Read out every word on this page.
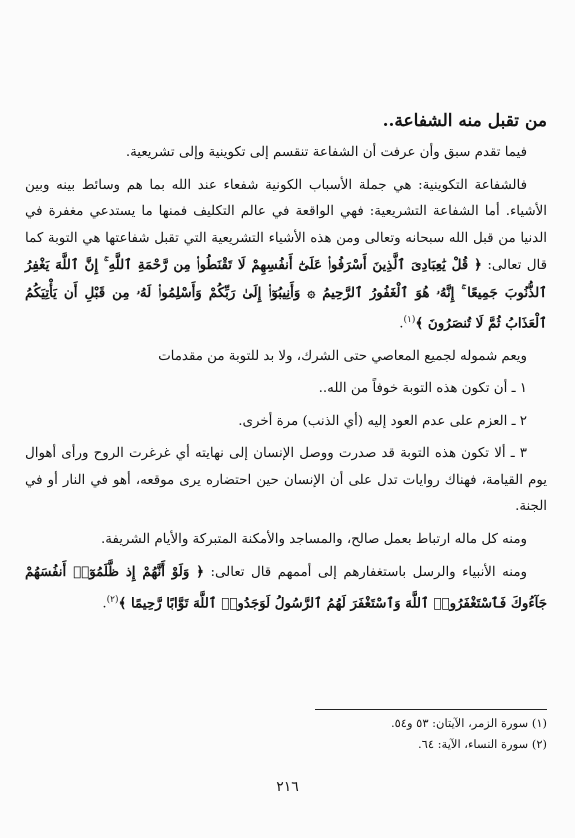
من تقبل منه الشفاعة..

فيما تقدم سبق وأن عرفت أن الشفاعة تنقسم إلى تكوينية وإلى تشريعية.

فالشفاعة التكوينية: هي جملة الأسباب الكونية شفعاء عند الله بما هم وسائط بينه وبين الأشياء. أما الشفاعة التشريعية: فهي الواقعة في عالم التكليف فمنها ما يستدعي مغفرة في الدنيا من قبل الله سبحانه وتعالى ومن هذه الأشياء التشريعية التي تقبل شفاعتها هي التوبة كما قال تعالى: ﴿ قُلْ يَٰعِبَادِىَ ٱلَّذِينَ أَسْرَفُوا۟ عَلَىٰٓ أَنفُسِهِمْ لَا تَقْنَطُوا۟ مِن رَّحْمَةِ ٱللَّهِ ۚ إِنَّ ٱللَّهَ يَغْفِرُ ٱلذُّنُوبَ جَمِيعًا ۚ إِنَّهُۥ هُوَ ٱلْغَفُورُ ٱلرَّحِيمُ ۞ وَأَنِيبُوٓا۟ إِلَىٰ رَبِّكُمْ وَأَسْلِمُوا۟ لَهُۥ مِن قَبْلِ أَن يَأْتِيَكُمُ ٱلْعَذَابُ ثُمَّ لَا تُنصَرُونَ ﴾$^{(١)}$.

ويعم شموله لجميع المعاصي حتى الشرك، ولا بد للتوبة من مقدمات

١ ـ أن تكون هذه التوبة خوفاً من الله..

٢ ـ العزم على عدم العود إليه (أي الذنب) مرة أخرى.

٣ ـ ألا تكون هذه التوبة قد صدرت ووصل الإنسان إلى نهايته أي غرغرت الروح ورأى أهوال يوم القيامة، فهناك روايات تدل على أن الإنسان حين احتضاره يرى موقعه، أهو في النار أو في الجنة.

ومنه كل ماله ارتباط بعمل صالح، والمساجد والأمكنة المتبركة والأيام الشريفة.

ومنه الأنبياء والرسل باستغفارهم إلى أممهم قال تعالى: ﴿ وَلَوْ أَنَّهُمْ إِذ ظَّلَمُوٓا۟ أَنفُسَهُمْ جَآءُوكَ فَٱسْتَغْفَرُوا۟ ٱللَّهَ وَٱسْتَغْفَرَ لَهُمُ ٱلرَّسُولُ لَوَجَدُوا۟ ٱللَّهَ تَوَّابًا رَّحِيمًا ﴾$^{(٢)}$.

(١) سورة الزمر، الآيتان: ٥٣ و٥٤.
(٢) سورة النساء، الآية: ٦٤.
٢١٦
